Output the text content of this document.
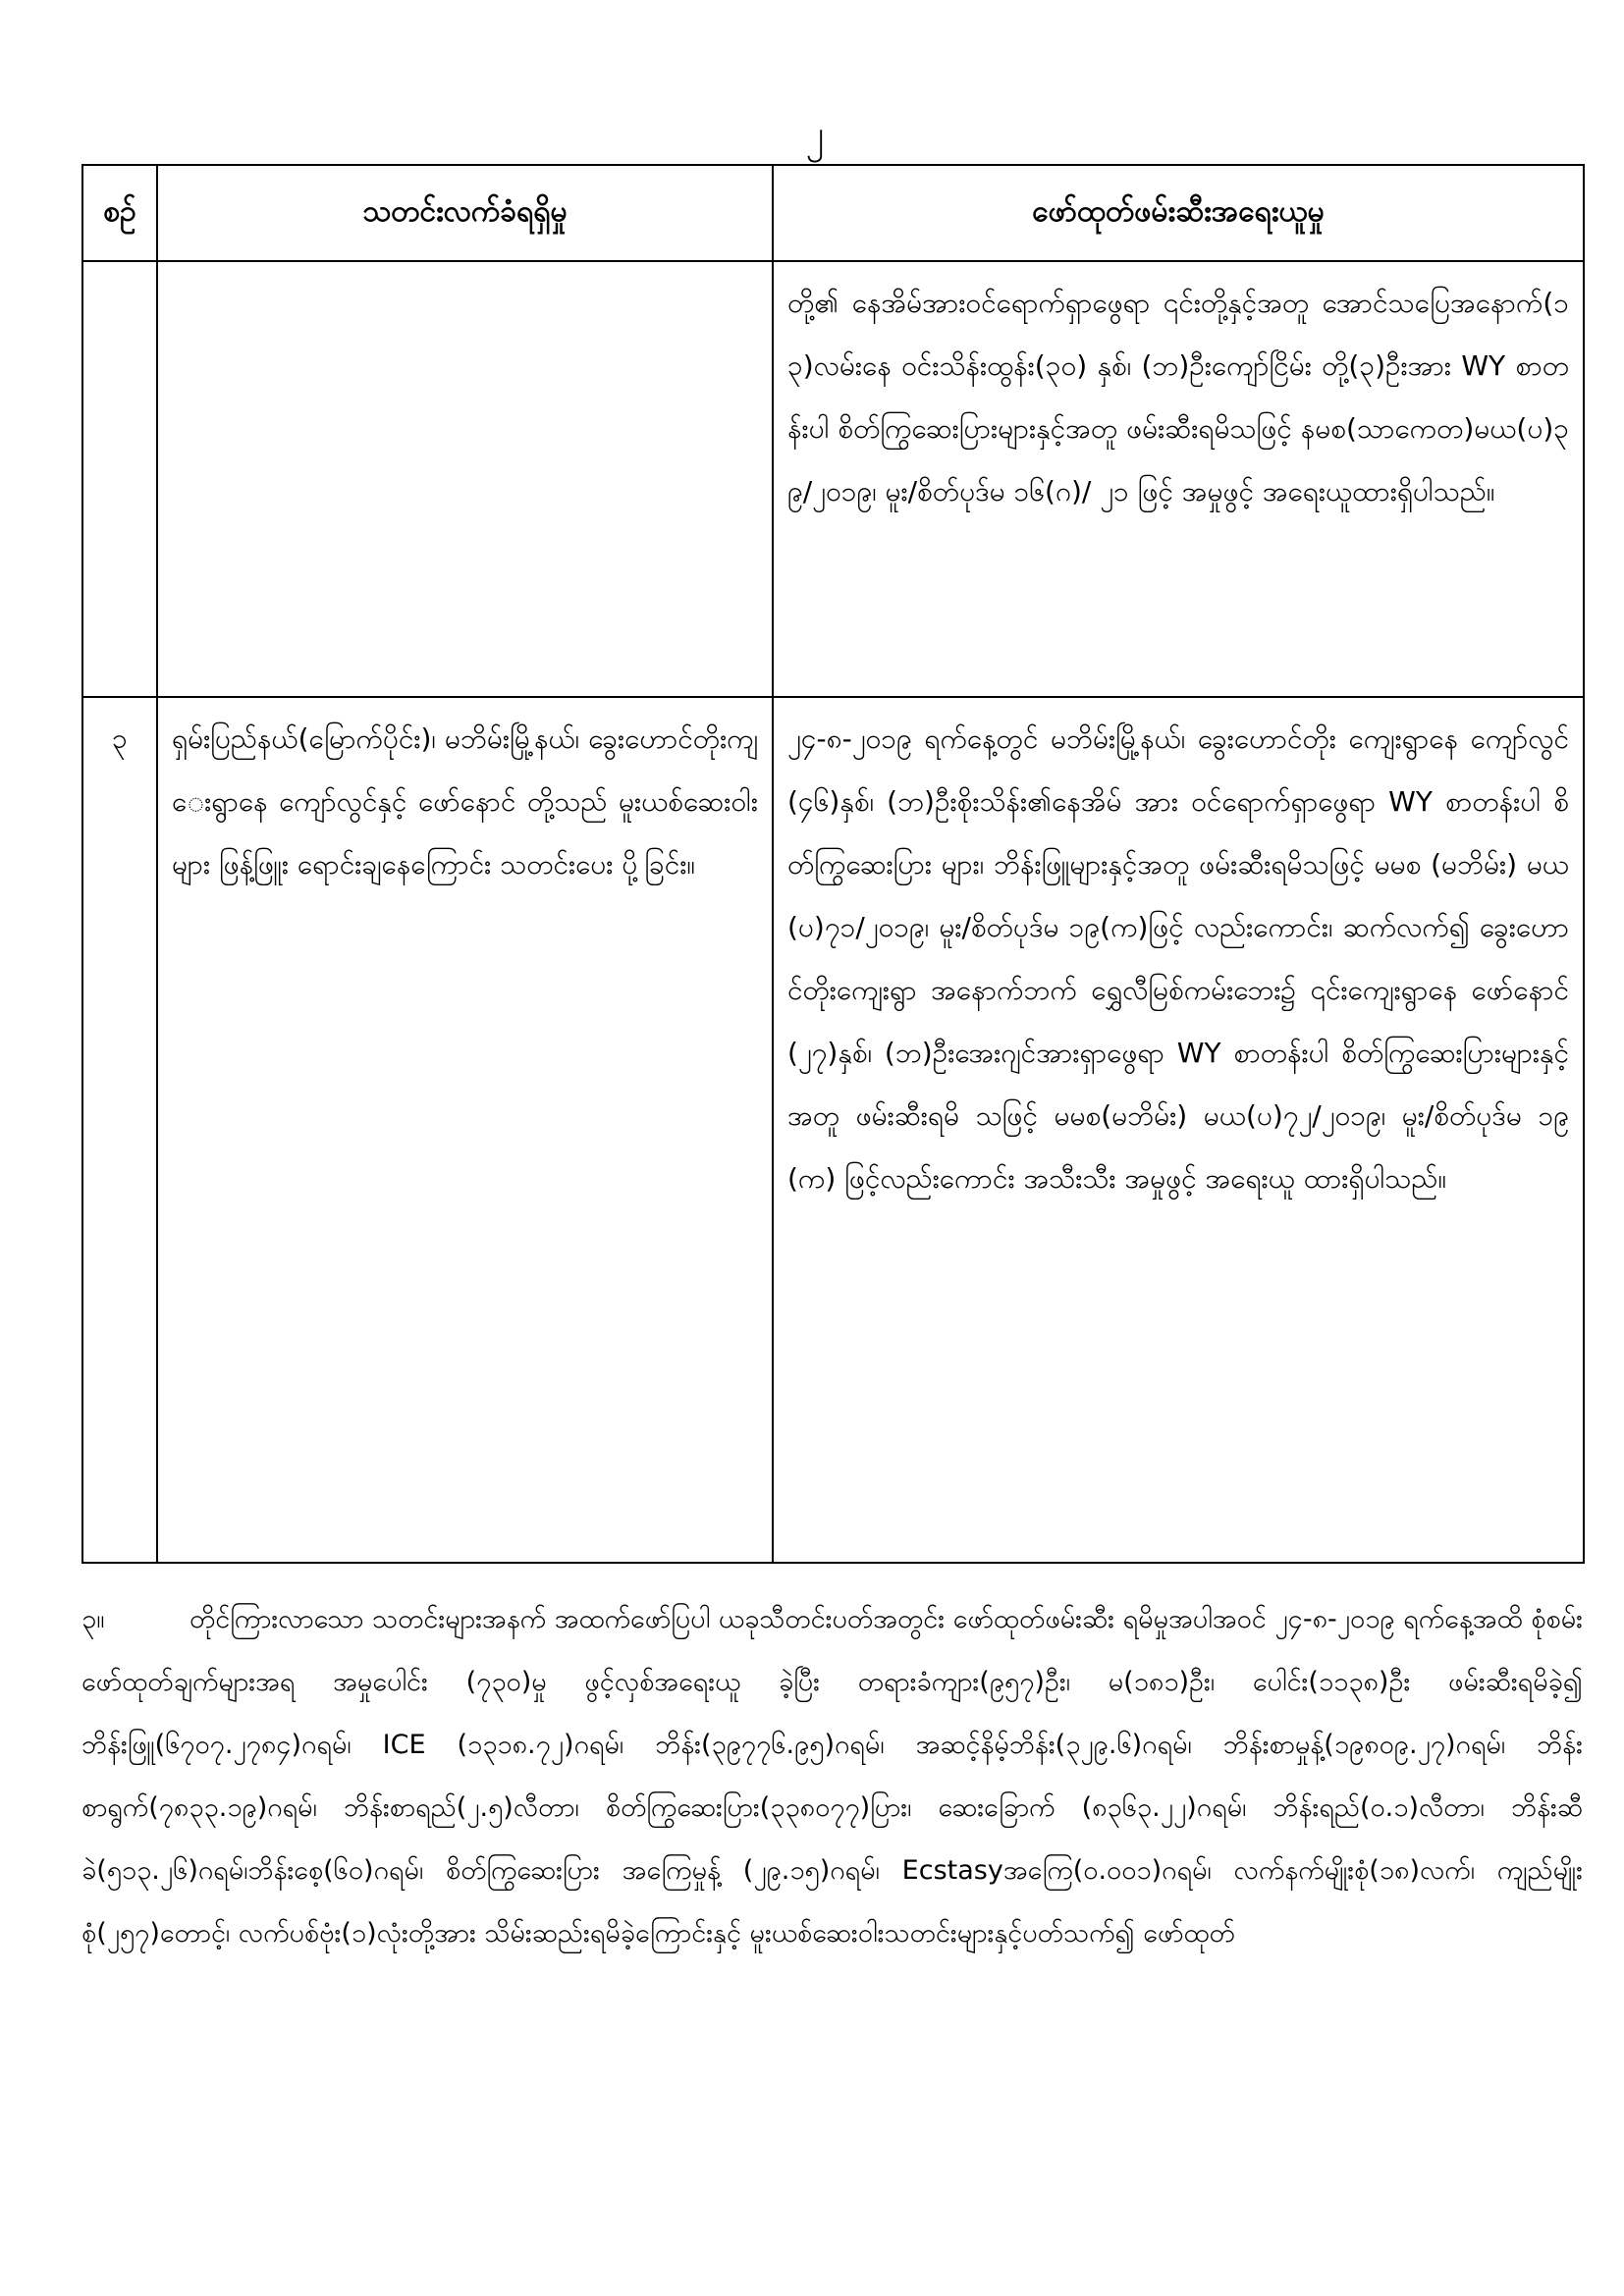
၂
စဉ်	သတင်းလက်ခံရရှိမှု	ဖော်ထုတ်ဖမ်းဆီးအရေးယူမှု

		တို့၏ နေအိမ်အားဝင်ရောက်ရှာဖွေရာ ၎င်းတို့နှင့်အတူ အောင်သပြေအနောက်(၁၃)လမ်းနေ ဝင်းသိန်းထွန်း(၃၀) နှစ်၊ (ဘ)ဦးကျော်ငြိမ်း တို့(၃)ဦးအား WY စာတန်းပါ စိတ်ကြွဆေးပြားများနှင့်အတူ ဖမ်းဆီးရမိသဖြင့် နမစ(သာကေတ)မယ(ပ)၃၉/၂၀၁၉၊ မူး/စိတ်ပုဒ်မ ၁၆(ဂ)/ ၂၁ ဖြင့် အမှုဖွင့် အရေးယူထားရှိပါသည်။

၃	ရှမ်းပြည်နယ်(မြောက်ပိုင်း)၊ မဘိမ်းမြို့နယ်၊ ခွေးဟောင်တိုးကျေးရွာနေ ကျော်လွင်နှင့် ဖော်နောင် တို့သည် မူးယစ်ဆေးဝါးများ ဖြန့်ဖြူး ရောင်းချနေကြောင်း သတင်းပေး ပို့ခြင်း။	၂၄-၈-၂၀၁၉ ရက်နေ့တွင် မဘိမ်းမြို့နယ်၊ ခွေးဟောင်တိုး ကျေးရွာနေ ကျော်လွင်(၄၆)နှစ်၊ (ဘ)ဦးစိုးသိန်း၏နေအိမ် အား ဝင်ရောက်ရှာဖွေရာ WY စာတန်းပါ စိတ်ကြွဆေးပြား များ၊ ဘိန်းဖြူများနှင့်အတူ ဖမ်းဆီးရမိသဖြင့် မမစ (မဘိမ်း) မယ(ပ)၇၁/၂၀၁၉၊ မူး/စိတ်ပုဒ်မ ၁၉(က)ဖြင့် လည်းကောင်း၊ ဆက်လက်၍ ခွေးဟောင်တိုးကျေးရွာ အနောက်ဘက် ရွှေလီမြစ်ကမ်းဘေး၌ ၎င်းကျေးရွာနေ ဖော်နောင်(၂၇)နှစ်၊ (ဘ)ဦးအေးဂျင်အားရှာဖွေရာ WY စာတန်းပါ စိတ်ကြွဆေးပြားများနှင့်အတူ ဖမ်းဆီးရမိ သဖြင့် မမစ(မဘိမ်း) မယ(ပ)၇၂/၂၀၁၉၊ မူး/စိတ်ပုဒ်မ ၁၉(က) ဖြင့်လည်းကောင်း အသီးသီး အမှုဖွင့် အရေးယူ ထားရှိပါသည်။
၃။	တိုင်ကြားလာသော သတင်းများအနက် အထက်ဖော်ပြပါ ယခုသီတင်းပတ်အတွင်း ဖော်ထုတ်ဖမ်းဆီး ရမိမှုအပါအဝင် ၂၄-၈-၂၀၁၉ ရက်နေ့အထိ စုံစမ်းဖော်ထုတ်ချက်များအရ အမှုပေါင်း (၇၃၀)မှု ဖွင့်လှစ်အရေးယူ ခဲ့ပြီး တရားခံကျား(၉၅၇)ဦး၊ မ(၁၈၁)ဦး၊ ပေါင်း(၁၁၃၈)ဦး ဖမ်းဆီးရမိခဲ့၍ ဘိန်းဖြူ(၆၇၀၇.၂၇၈၄)ဂရမ်၊ ICE (၁၃၁၈.၇၂)ဂရမ်၊ ဘိန်း(၃၉၇၇၆.၉၅)ဂရမ်၊ အဆင့်နိမ့်ဘိန်း(၃၂၉.၆)ဂရမ်၊ ဘိန်းစာမှုန့်(၁၉၈၀၉.၂၇)ဂရမ်၊ ဘိန်းစာရွက်(၇၈၃၃.၁၉)ဂရမ်၊ ဘိန်းစာရည်(၂.၅)လီတာ၊ စိတ်ကြွဆေးပြား(၃၃၈၀၇၇)ပြား၊ ဆေးခြောက် (၈၃၆၃.၂၂)ဂရမ်၊ ဘိန်းရည်(၀.၁)လီတာ၊ ဘိန်းဆီခဲ(၅၁၃.၂၆)ဂရမ်၊ဘိန်းစေ့(၆၀)ဂရမ်၊ စိတ်ကြွဆေးပြား အကြေမှုန့် (၂၉.၁၅)ဂရမ်၊ Ecstasyအကြေ(၀.၀၀၁)ဂရမ်၊ လက်နက်မျိုးစုံ(၁၈)လက်၊ ကျည်မျိုးစုံ(၂၅၇)တောင့်၊ လက်ပစ်ဗုံး(၁)လုံးတို့အား သိမ်းဆည်းရမိခဲ့ကြောင်းနှင့် မူးယစ်ဆေးဝါးသတင်းများနှင့်ပတ်သက်၍ ဖော်ထုတ်
